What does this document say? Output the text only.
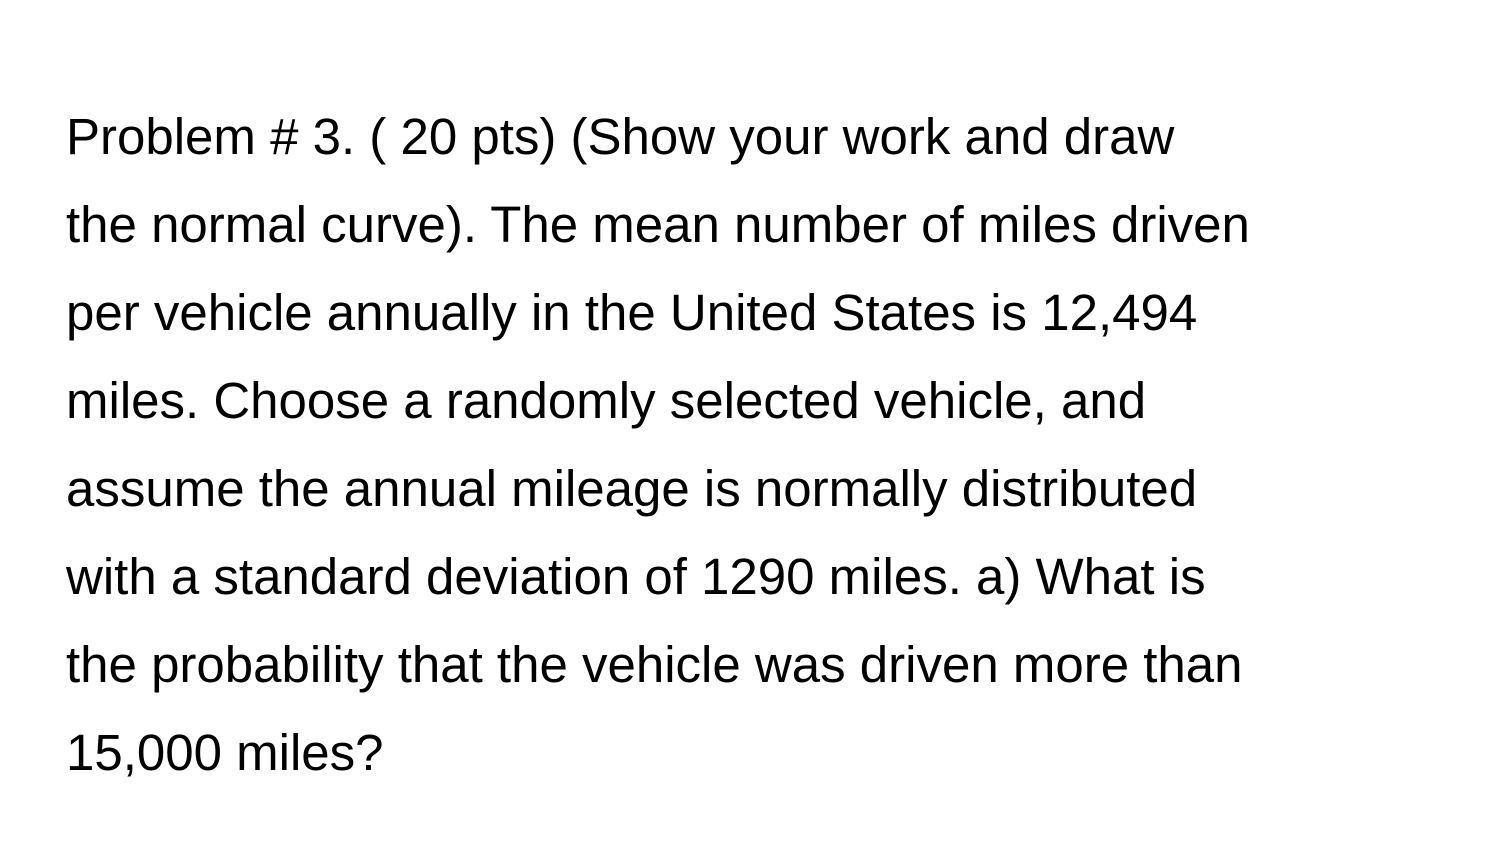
Problem # 3. ( 20 pts) (Show your work and draw
the normal curve). The mean number of miles driven
per vehicle annually in the United States is 12,494
miles. Choose a randomly selected vehicle, and
assume the annual mileage is normally distributed
with a standard deviation of 1290 miles. a) What is
the probability that the vehicle was driven more than
15,000 miles?
